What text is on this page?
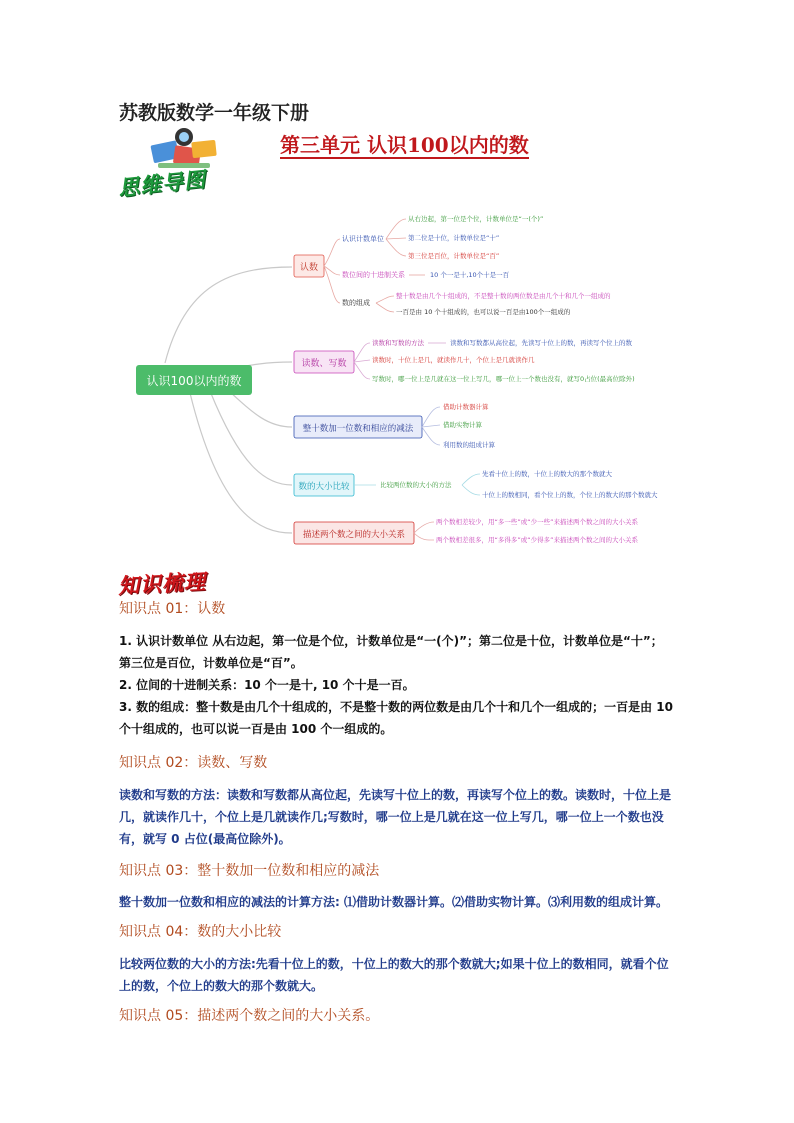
苏教版数学一年级下册
第三单元 认识100以内的数
思维导图
认识100以内的数
认数
认识计数单位
从右边起，第一位是个位，计数单位是“一(个)”
第二位是十位，计数单位是“十”
第三位是百位，计数单位是“百”
数位间的十进制关系	10 个一是十,10个十是一百
数的组成
整十数是由几个十组成的，不是整十数的两位数是由几个十和几个一组成的
一百是由 10 个十组成的，也可以说一百是由100个一组成的
读数、写数
读数和写数的方法	读数和写数都从高位起，先读写十位上的数，再读写个位上的数
读数时，十位上是几，就读作几十，个位上是几就读作几
写数时，哪一位上是几就在这一位上写几，哪一位上一个数也没有，就写0占位(最高位除外)
整十数加一位数和相应的减法
借助计数器计算
借助实物计算
利用数的组成计算
数的大小比较	比较两位数的大小的方法
先看十位上的数，十位上的数大的那个数就大
十位上的数相同，看个位上的数，个位上的数大的那个数就大
描述两个数之间的大小关系
两个数相差较少，用“多一些”或“少一些”来描述两个数之间的大小关系
两个数相差很多，用“多得多”或“少得多”来描述两个数之间的大小关系
知识梳理
知识点 01：认数
1. 认识计数单位 从右边起，第一位是个位，计数单位是“一(个)”；第二位是十位，计数单位是“十”；
第三位是百位，计数单位是“百”。
2. 位间的十进制关系：10 个一是十, 10 个十是一百。
3. 数的组成：整十数是由几个十组成的，不是整十数的两位数是由几个十和几个一组成的；一百是由 10
个十组成的，也可以说一百是由 100 个一组成的。
知识点 02：读数、写数
读数和写数的方法：读数和写数都从高位起，先读写十位上的数，再读写个位上的数。读数时，十位上是
几，就读作几十，个位上是几就读作几;写数时，哪一位上是几就在这一位上写几，哪一位上一个数也没
有，就写 0 占位(最高位除外)。
知识点 03：整十数加一位数和相应的减法
整十数加一位数和相应的减法的计算方法: ⑴借助计数器计算。⑵借助实物计算。⑶利用数的组成计算。
知识点 04：数的大小比较
比较两位数的大小的方法:先看十位上的数，十位上的数大的那个数就大;如果十位上的数相同，就看个位
上的数，个位上的数大的那个数就大。
知识点 05：描述两个数之间的大小关系。
